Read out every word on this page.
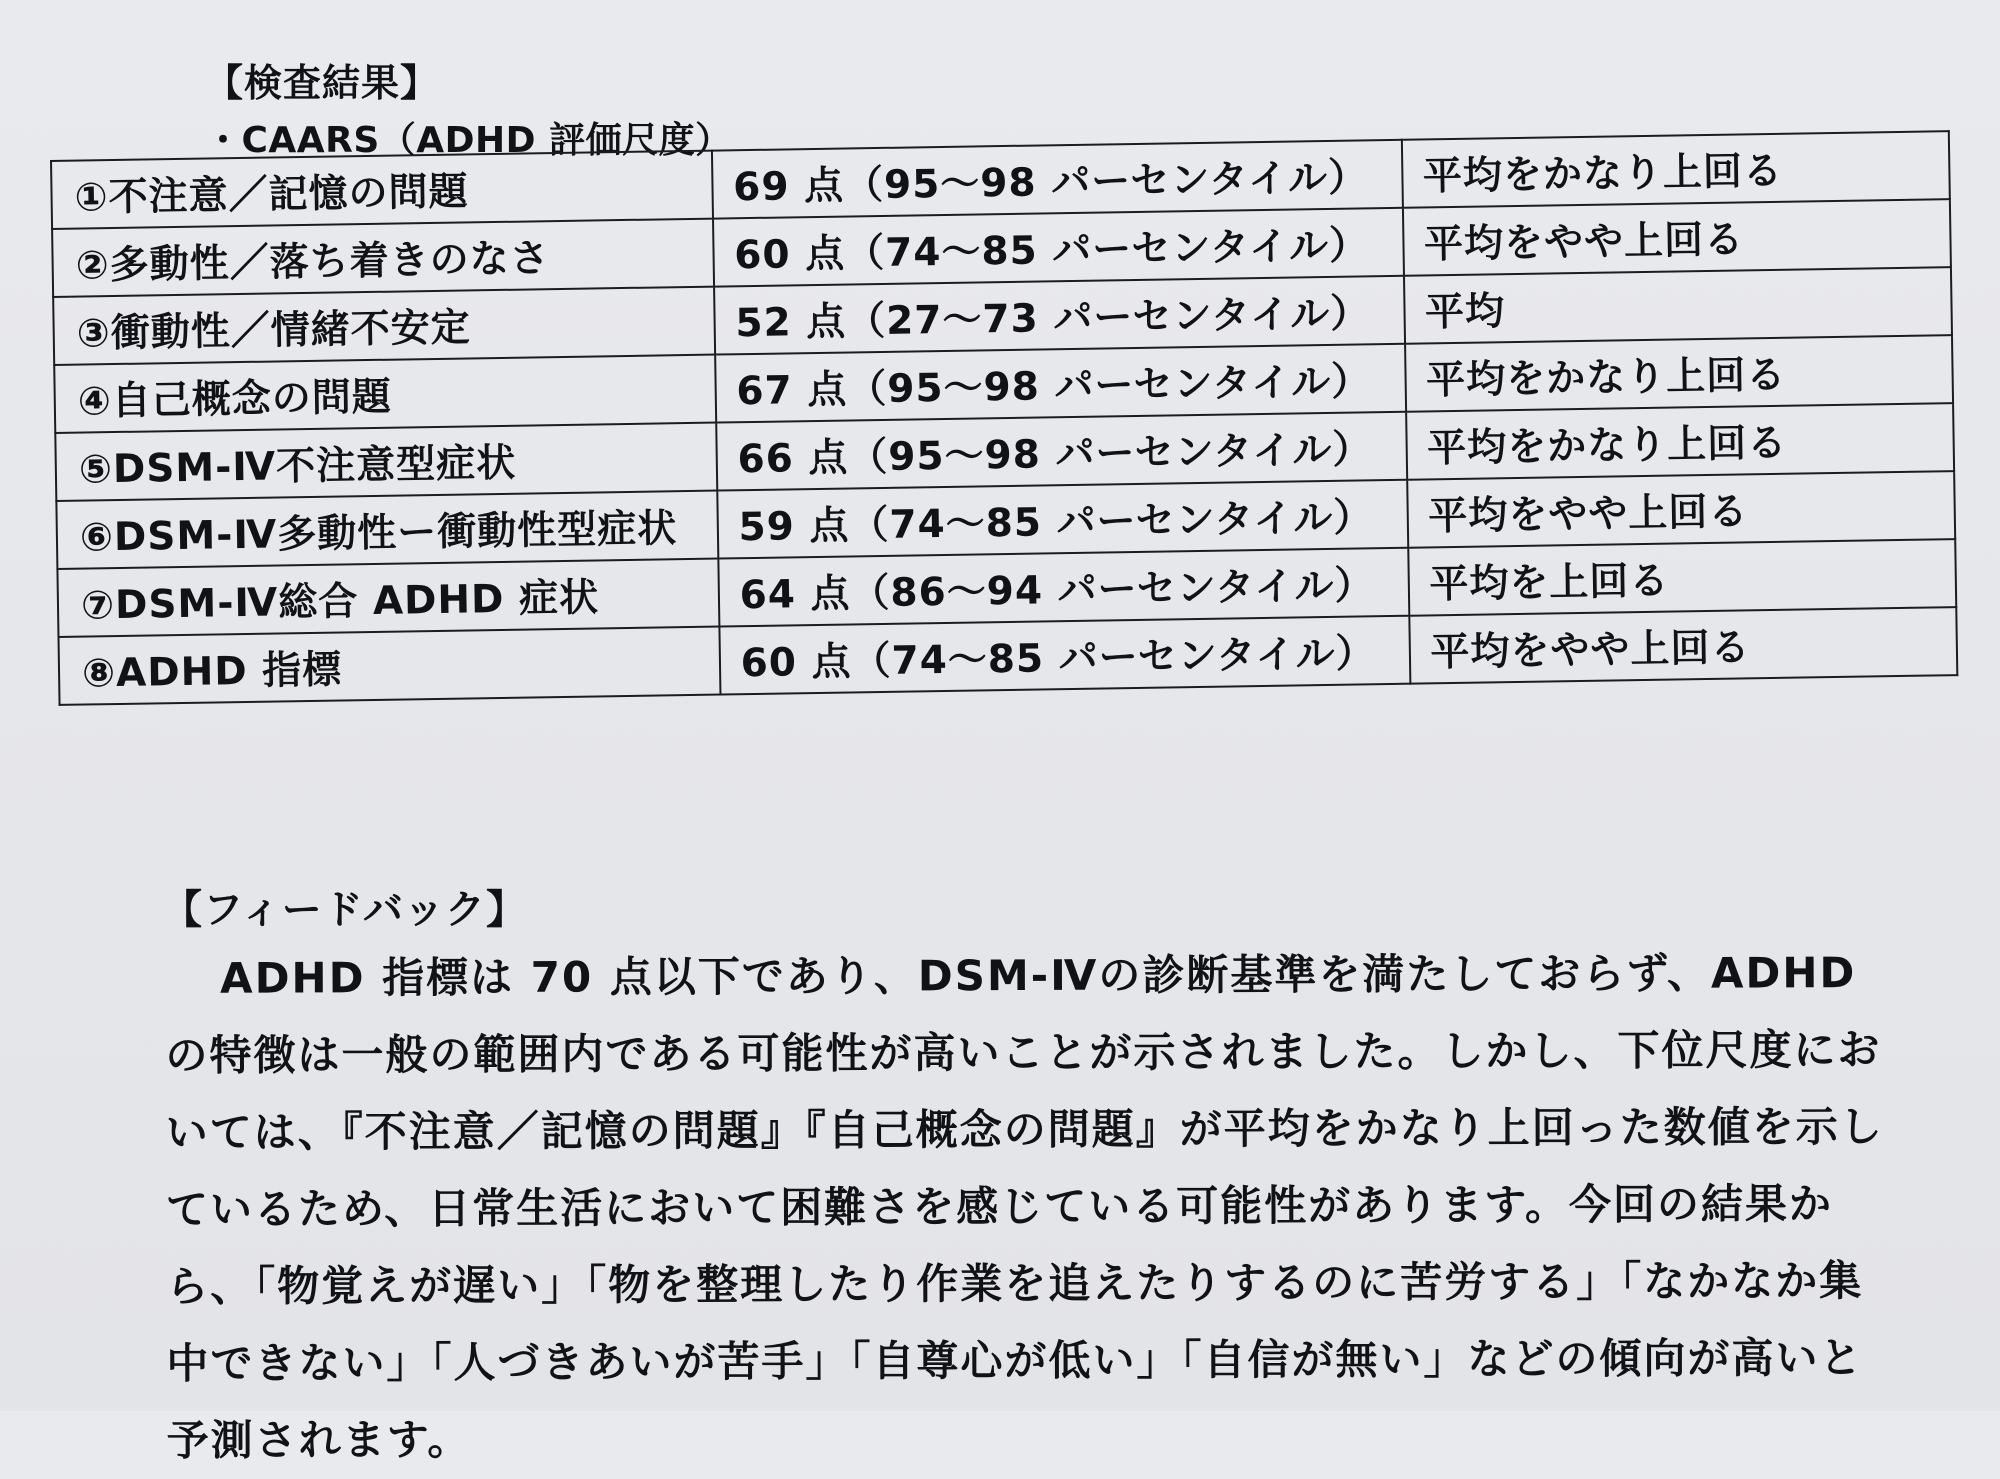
【検査結果】
・CAARS（ADHD 評価尺度）
①不注意／記憶の問題	69 点（95～98 パーセンタイル）	平均をかなり上回る
②多動性／落ち着きのなさ	60 点（74～85 パーセンタイル）	平均をやや上回る
③衝動性／情緒不安定	52 点（27～73 パーセンタイル）	平均
④自己概念の問題	67 点（95～98 パーセンタイル）	平均をかなり上回る
⑤DSM-Ⅳ不注意型症状	66 点（95～98 パーセンタイル）	平均をかなり上回る
⑥DSM-Ⅳ多動性ー衝動性型症状	59 点（74～85 パーセンタイル）	平均をやや上回る
⑦DSM-Ⅳ総合 ADHD 症状	64 点（86～94 パーセンタイル）	平均を上回る
⑧ADHD 指標	60 点（74～85 パーセンタイル）	平均をやや上回る
【フィードバック】
ADHD 指標は 70 点以下であり、DSM-Ⅳの診断基準を満たしておらず、ADHD の特徴は一般の範囲内である可能性が高いことが示されました。しかし、下位尺度においては、『不注意／記憶の問題』『自己概念の問題』が平均をかなり上回った数値を示しているため、日常生活において困難さを感じている可能性があります。今回の結果から、「物覚えが遅い」「物を整理したり作業を追えたりするのに苦労する」「なかなか集中できない」「人づきあいが苦手」「自尊心が低い」「自信が無い」などの傾向が高いと予測されます。
